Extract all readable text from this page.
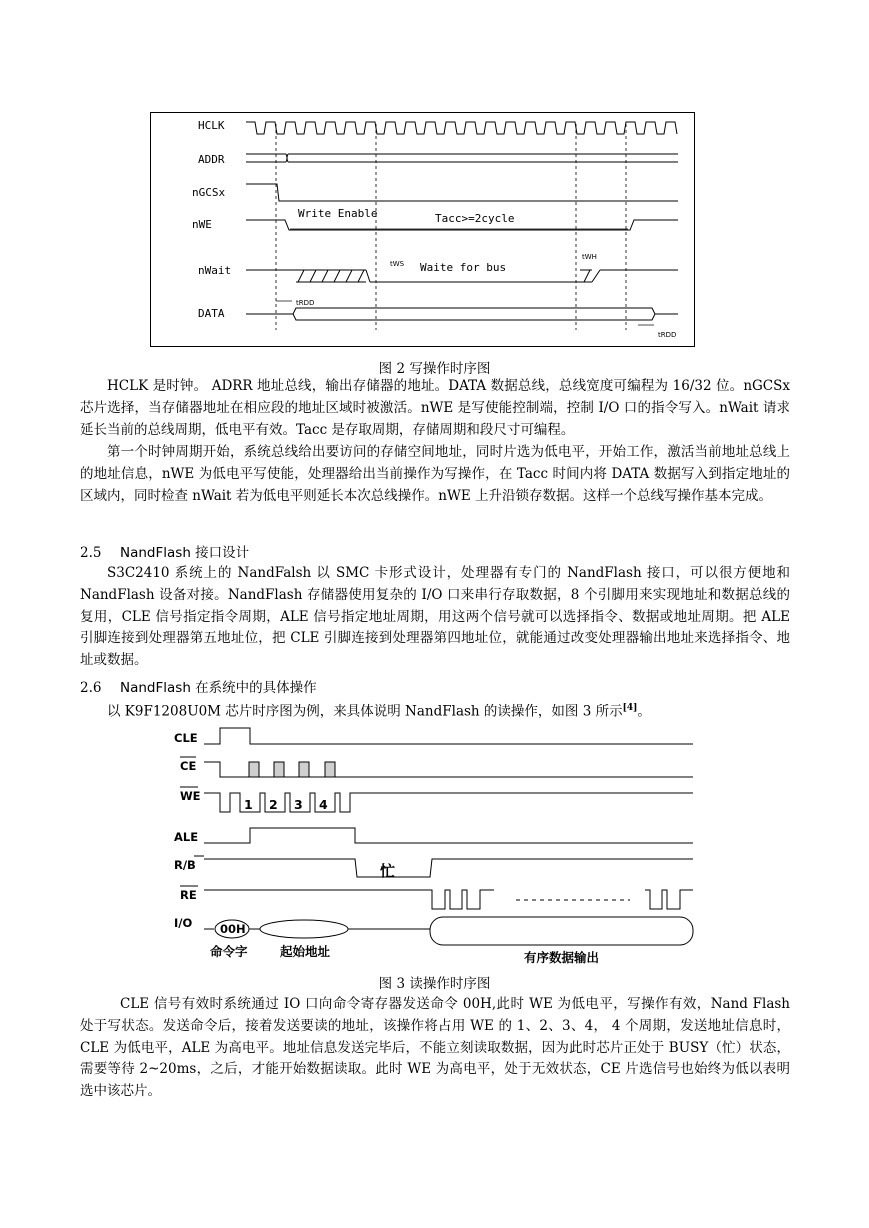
HCLK
ADDR
nGCSx
nWE
nWait
DATA
Write Enable	Tacc>=2cycle
tWS
tWH
Waite for bus
tRDD
tRDD
图 2 写操作时序图

HCLK 是时钟。 ADRR 地址总线，输出存储器的地址。DATA 数据总线，总线宽度可编程为 16/32 位。nGCSx 芯片选择，当存储器地址在相应段的地址区域时被激活。nWE 是写使能控制端，控制 I/O 口的指令写入。nWait 请求延长当前的总线周期，低电平有效。Tacc 是存取周期，存储周期和段尺寸可编程。

第一个时钟周期开始，系统总线给出要访问的存储空间地址，同时片选为低电平，开始工作，激活当前地址总线上的地址信息，nWE 为低电平写使能，处理器给出当前操作为写操作，在 Tacc 时间内将 DATA 数据写入到指定地址的区域内，同时检查 nWait 若为低电平则延长本次总线操作。nWE 上升沿锁存数据。这样一个总线写操作基本完成。

2.5 NandFlash 接口设计

S3C2410 系统上的 NandFalsh 以 SMC 卡形式设计，处理器有专门的 NandFlash 接口，可以很方便地和 NandFlash 设备对接。NandFlash 存储器使用复杂的 I/O 口来串行存取数据，8 个引脚用来实现地址和数据总线的复用，CLE 信号指定指令周期，ALE 信号指定地址周期，用这两个信号就可以选择指令、数据或地址周期。把 ALE 引脚连接到处理器第五地址位，把 CLE 引脚连接到处理器第四地址位，就能通过改变处理器输出地址来选择指令、地址或数据。

2.6 NandFlash 在系统中的具体操作

以 K9F1208U0M 芯片时序图为例，来具体说明 NandFlash 的读操作，如图 3 所示[4]。

CLE
CE
WE
ALE
R/B
RE
I/O
1 2 3 4
忙
00H
命令字	起始地址	有序数据输出
图 3 读操作时序图

CLE 信号有效时系统通过 IO 口向命令寄存器发送命令 00H,此时 WE 为低电平，写操作有效，Nand Flash 处于写状态。发送命令后，接着发送要读的地址，该操作将占用 WE 的 1、2、3、4， 4 个周期，发送地址信息时，CLE 为低电平，ALE 为高电平。地址信息发送完毕后，不能立刻读取数据，因为此时芯片正处于 BUSY（忙）状态，需要等待 2~20ms，之后，才能开始数据读取。此时 WE 为高电平，处于无效状态，CE 片选信号也始终为低以表明选中该芯片。
